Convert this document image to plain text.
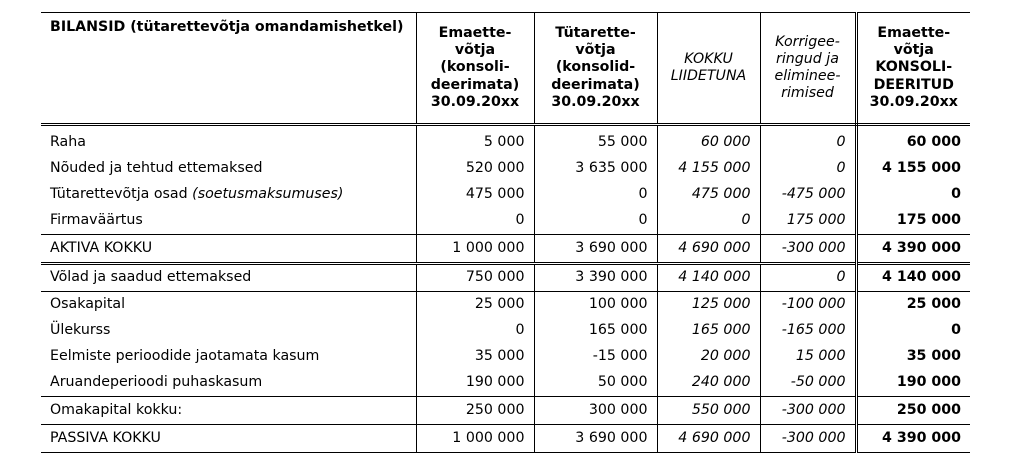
BILANSID (tütarettevõtja omandamishetkel)	Emaette-
võtja
(konsoli-
deerimata)
30.09.20xx	Tütarette-
võtja
(konsolid-
deerimata)
30.09.20xx	KOKKU
LIIDETUNA	Korrigee-
ringud ja
eliminee-
rimised	Emaette-
võtja
KONSOLI-
DEERITUD
30.09.20xx

Raha	5 000	55 000	60 000	0	60 000
Nõuded ja tehtud ettemaksed	520 000	3 635 000	4 155 000	0	4 155 000
Tütarettevõtja osad (soetusmaksumuses)	475 000	0	475 000	-475 000	0
Firmaväärtus	0	0	0	175 000	175 000
AKTIVA KOKKU	1 000 000	3 690 000	4 690 000	-300 000	4 390 000
Võlad ja saadud ettemaksed	750 000	3 390 000	4 140 000	0	4 140 000
Osakapital	25 000	100 000	125 000	-100 000	25 000
Ülekurss	0	165 000	165 000	-165 000	0
Eelmiste perioodide jaotamata kasum	35 000	-15 000	20 000	15 000	35 000
Aruandeperioodi puhaskasum	190 000	50 000	240 000	-50 000	190 000
Omakapital kokku:	250 000	300 000	550 000	-300 000	250 000
PASSIVA KOKKU	1 000 000	3 690 000	4 690 000	-300 000	4 390 000
